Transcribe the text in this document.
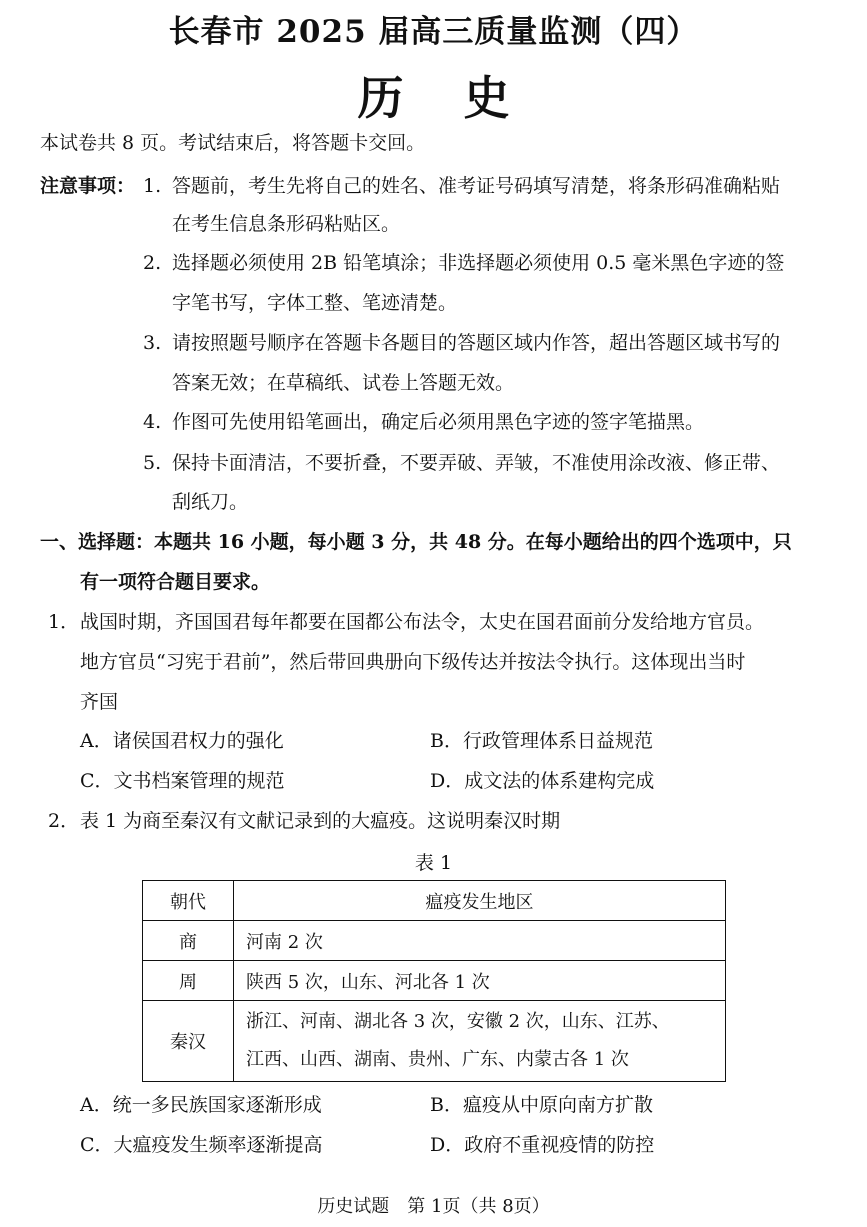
长春市 2025 届高三质量监测（四）
历史
本试卷共 8 页。考试结束后，将答题卡交回。
注意事项： 1. 答题前，考生先将自己的姓名、准考证号码填写清楚，将条形码准确粘贴
在考生信息条形码粘贴区。
2. 选择题必须使用 2B 铅笔填涂；非选择题必须使用 0.5 毫米黑色字迹的签
字笔书写，字体工整、笔迹清楚。
3. 请按照题号顺序在答题卡各题目的答题区域内作答，超出答题区域书写的
答案无效；在草稿纸、试卷上答题无效。
4. 作图可先使用铅笔画出，确定后必须用黑色字迹的签字笔描黑。
5. 保持卡面清洁，不要折叠，不要弄破、弄皱，不准使用涂改液、修正带、
刮纸刀。
一、选择题：本题共 16 小题，每小题 3 分，共 48 分。在每小题给出的四个选项中，只
有一项符合题目要求。
1． 战国时期，齐国国君每年都要在国都公布法令，太史在国君面前分发给地方官员。
地方官员“习宪于君前”，然后带回典册向下级传达并按法令执行。这体现出当时
齐国
A．诸侯国君权力的强化	B．行政管理体系日益规范
C．文书档案管理的规范	D．成文法的体系建构完成
2． 表 1 为商至秦汉有文献记录到的大瘟疫。这说明秦汉时期
表 1
朝代	瘟疫发生地区
商	河南 2 次
周	陕西 5 次，山东、河北各 1 次
秦汉	浙江、河南、湖北各 3 次，安徽 2 次，山东、江苏、
江西、山西、湖南、贵州、广东、内蒙古各 1 次
A．统一多民族国家逐渐形成	B．瘟疫从中原向南方扩散
C．大瘟疫发生频率逐渐提高	D．政府不重视疫情的防控
历史试题　第 1页（共 8页）
